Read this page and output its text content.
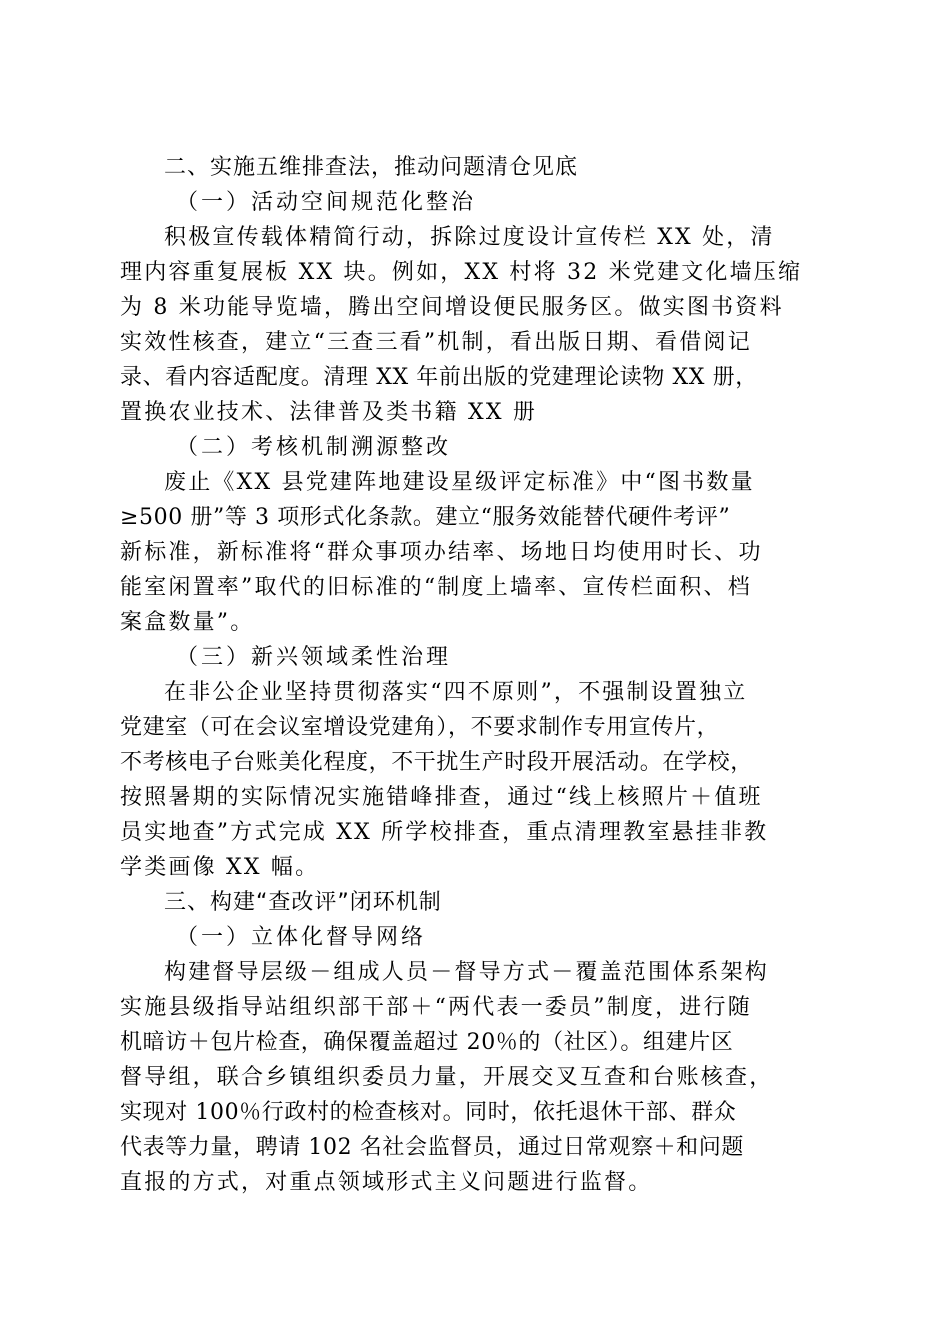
二、实施五维排查法，推动问题清仓见底

（一）活动空间规范化整治

积极宣传载体精简行动，拆除过度设计宣传栏 XX 处，清

理内容重复展板 XX 块。例如，XX 村将 32 米党建文化墙压缩

为 8 米功能导览墙，腾出空间增设便民服务区。做实图书资料

实效性核查，建立“三查三看”机制，看出版日期、看借阅记

录、看内容适配度。清理 XX 年前出版的党建理论读物 XX 册，

置换农业技术、法律普及类书籍 XX 册

（二）考核机制溯源整改

废止《XX 县党建阵地建设星级评定标准》中“图书数量

≥500 册”等 3 项形式化条款。建立“服务效能替代硬件考评”

新标准，新标准将“群众事项办结率、场地日均使用时长、功

能室闲置率”取代的旧标准的“制度上墙率、宣传栏面积、档

案盒数量”。

（三）新兴领域柔性治理

在非公企业坚持贯彻落实“四不原则”，不强制设置独立

党建室（可在会议室增设党建角），不要求制作专用宣传片，

不考核电子台账美化程度，不干扰生产时段开展活动。在学校，

按照暑期的实际情况实施错峰排查，通过“线上核照片＋值班

员实地查”方式完成 XX 所学校排查，重点清理教室悬挂非教

学类画像 XX 幅。

三、构建“查改评”闭环机制

（一）立体化督导网络

构建督导层级－组成人员－督导方式－覆盖范围体系架构

实施县级指导站组织部干部＋“两代表一委员”制度，进行随

机暗访＋包片检查，确保覆盖超过 20％的（社区）。组建片区

督导组，联合乡镇组织委员力量，开展交叉互查和台账核查，

实现对 100％行政村的检查核对。同时，依托退休干部、群众

代表等力量，聘请 102 名社会监督员，通过日常观察＋和问题

直报的方式，对重点领域形式主义问题进行监督。
